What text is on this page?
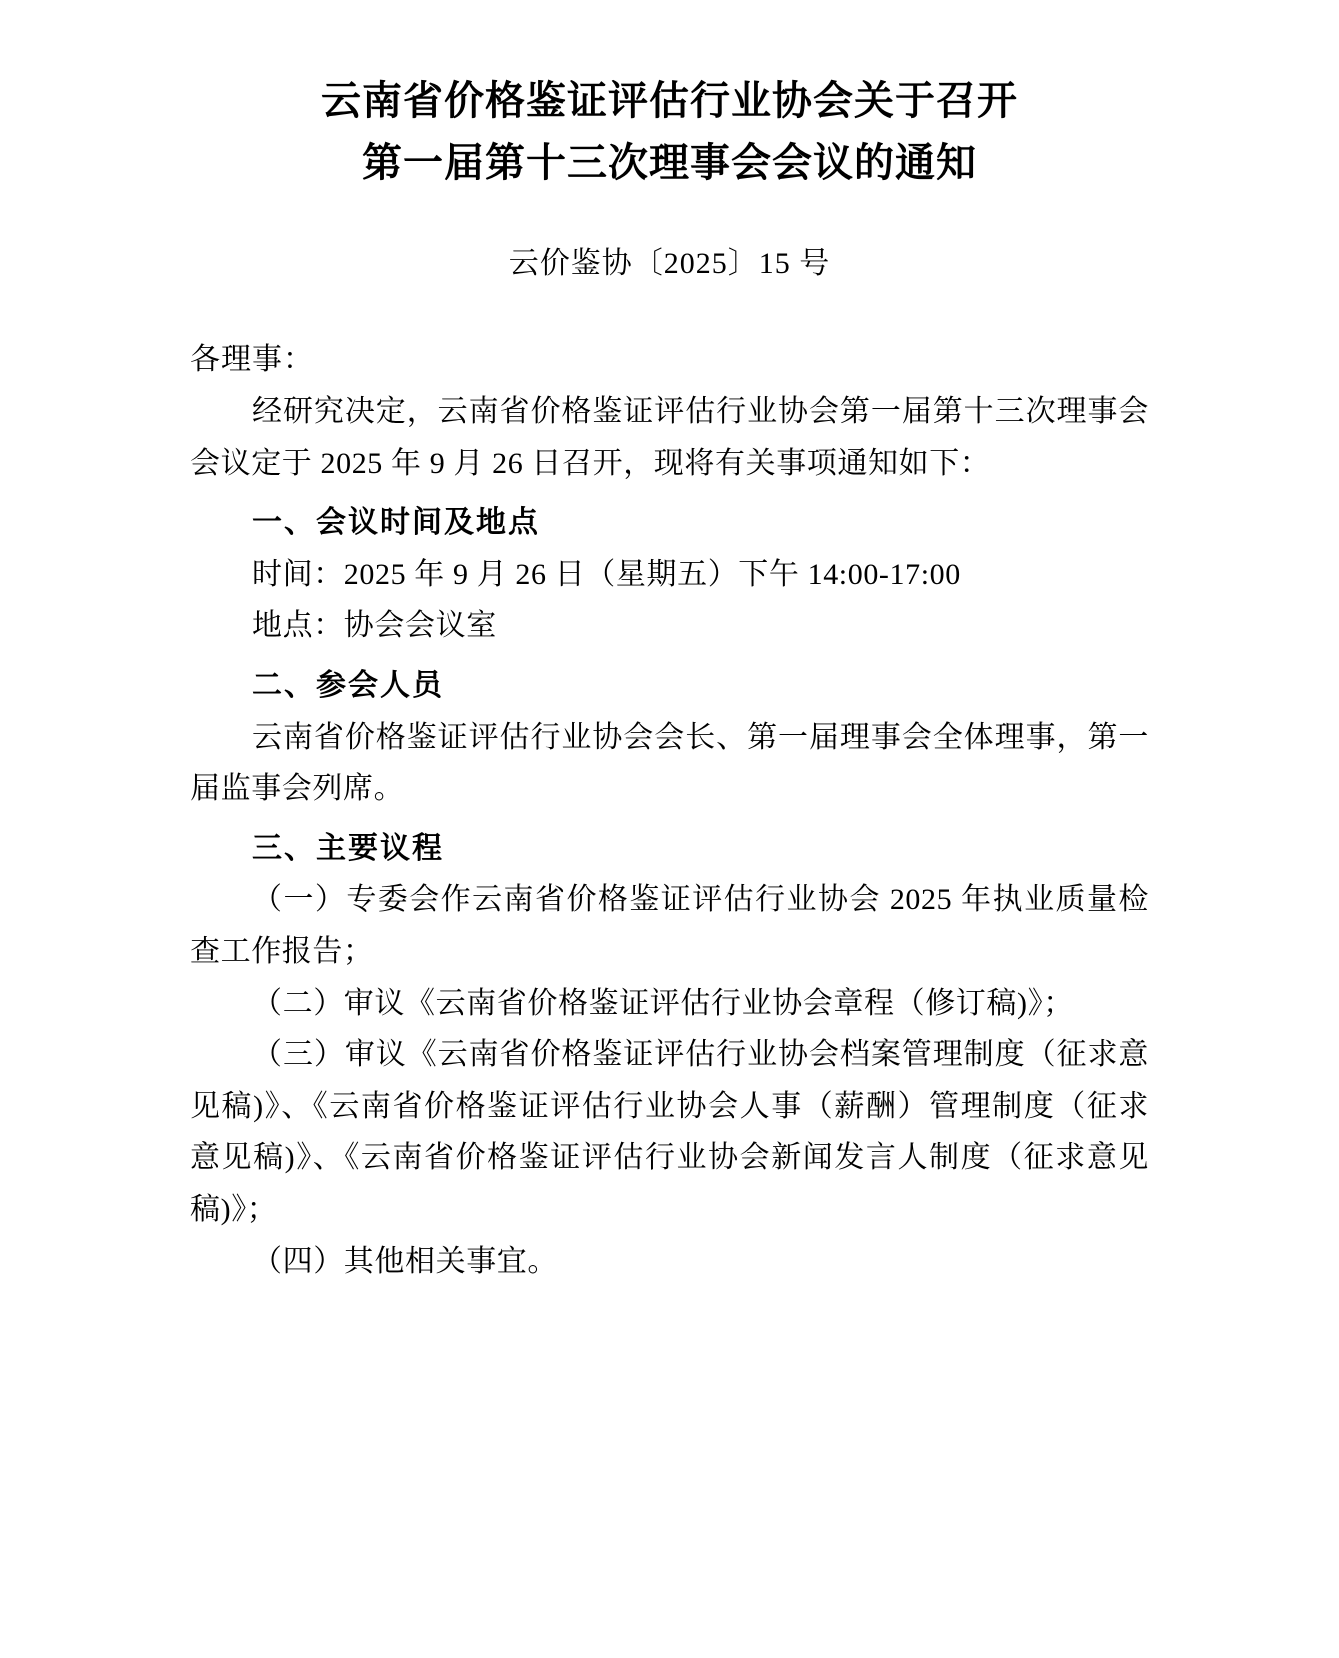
云南省价格鉴证评估行业协会关于召开
第一届第十三次理事会会议的通知
云价鉴协〔2025〕15 号
各理事：

经研究决定，云南省价格鉴证评估行业协会第一届第十三次理事会会议定于 2025 年 9 月 26 日召开，现将有关事项通知如下：

一、会议时间及地点

时间：2025 年 9 月 26 日（星期五）下午 14:00-17:00

地点：协会会议室

二、参会人员

云南省价格鉴证评估行业协会会长、第一届理事会全体理事，第一届监事会列席。

三、主要议程

（一）专委会作云南省价格鉴证评估行业协会 2025 年执业质量检查工作报告；

（二）审议《云南省价格鉴证评估行业协会章程（修订稿)》；

（三）审议《云南省价格鉴证评估行业协会档案管理制度（征求意见稿)》、《云南省价格鉴证评估行业协会人事（薪酬）管理制度（征求意见稿)》、《云南省价格鉴证评估行业协会新闻发言人制度（征求意见稿)》；

（四）其他相关事宜。
